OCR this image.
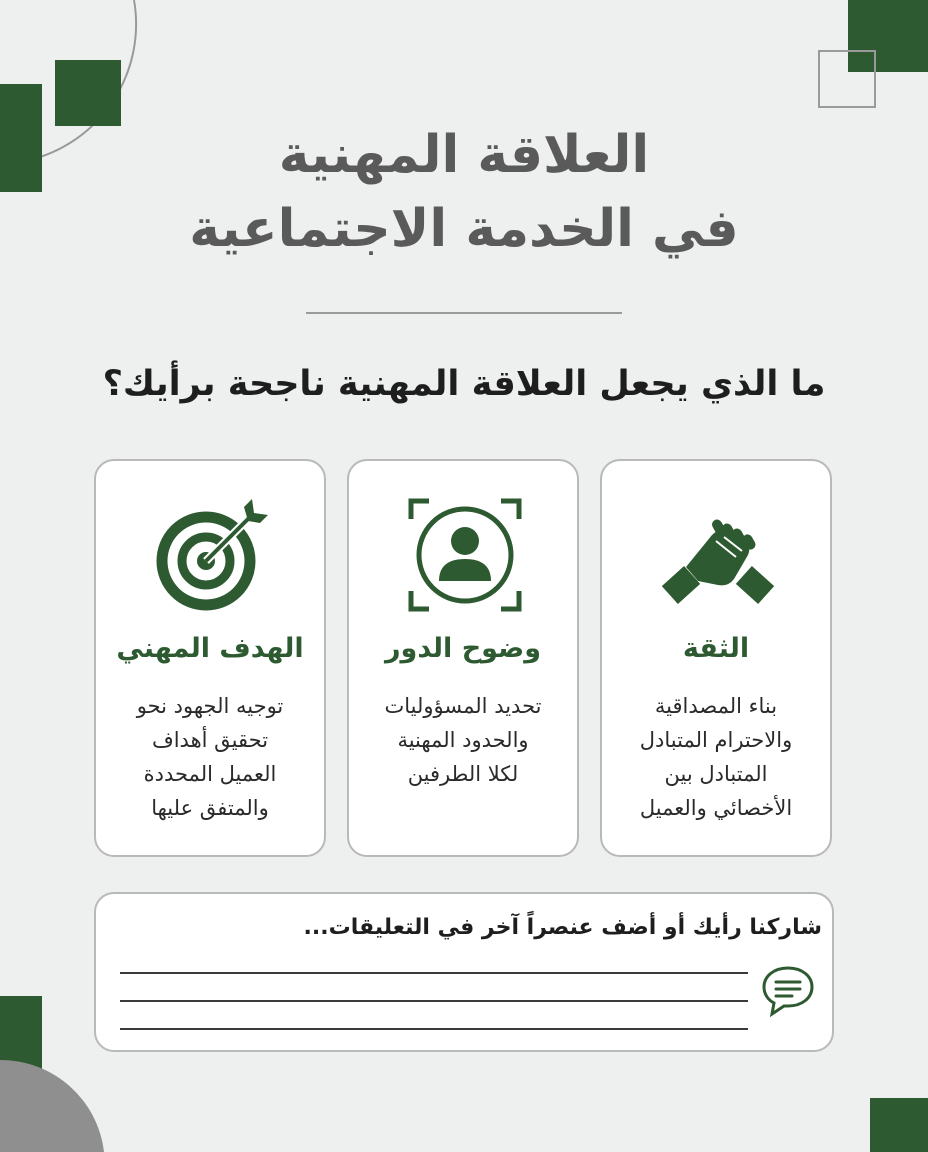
العلاقة المهنية
في الخدمة الاجتماعية
ما الذي يجعل العلاقة المهنية ناجحة برأيك؟
الثقة
بناء المصداقية
والاحترام المتبادل
المتبادل بين
الأخصائي والعميل
وضوح الدور
تحديد المسؤوليات
والحدود المهنية
لكلا الطرفين
الهدف المهني
توجيه الجهود نحو
تحقيق أهداف
العميل المحددة
والمتفق عليها
شاركنا رأيك أو أضف عنصراً آخر في التعليقات...
